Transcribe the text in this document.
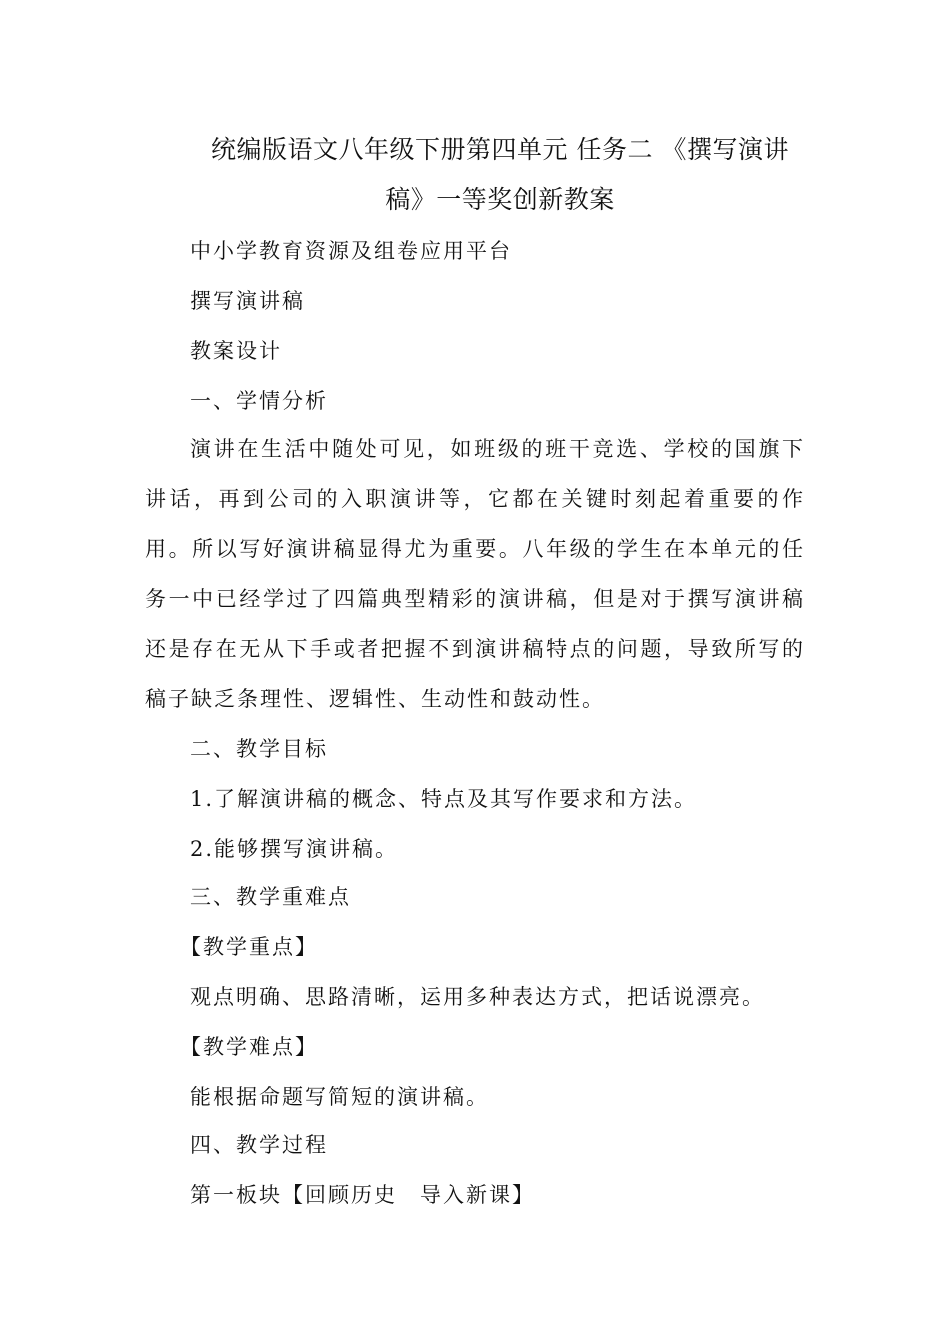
统编版语文八年级下册第四单元 任务二 《撰写演讲
稿》一等奖创新教案
中小学教育资源及组卷应用平台
撰写演讲稿
教案设计
一、学情分析
演讲在生活中随处可见，如班级的班干竞选、学校的国旗下讲话，再到公司的入职演讲等，它都在关键时刻起着重要的作用。所以写好演讲稿显得尤为重要。八年级的学生在本单元的任务一中已经学过了四篇典型精彩的演讲稿，但是对于撰写演讲稿还是存在无从下手或者把握不到演讲稿特点的问题，导致所写的稿子缺乏条理性、逻辑性、生动性和鼓动性。
二、教学目标
1.了解演讲稿的概念、特点及其写作要求和方法。
2.能够撰写演讲稿。
三、教学重难点
【教学重点】
观点明确、思路清晰，运用多种表达方式，把话说漂亮。
【教学难点】
能根据命题写简短的演讲稿。
四、教学过程
第一板块【回顾历史　导入新课】
